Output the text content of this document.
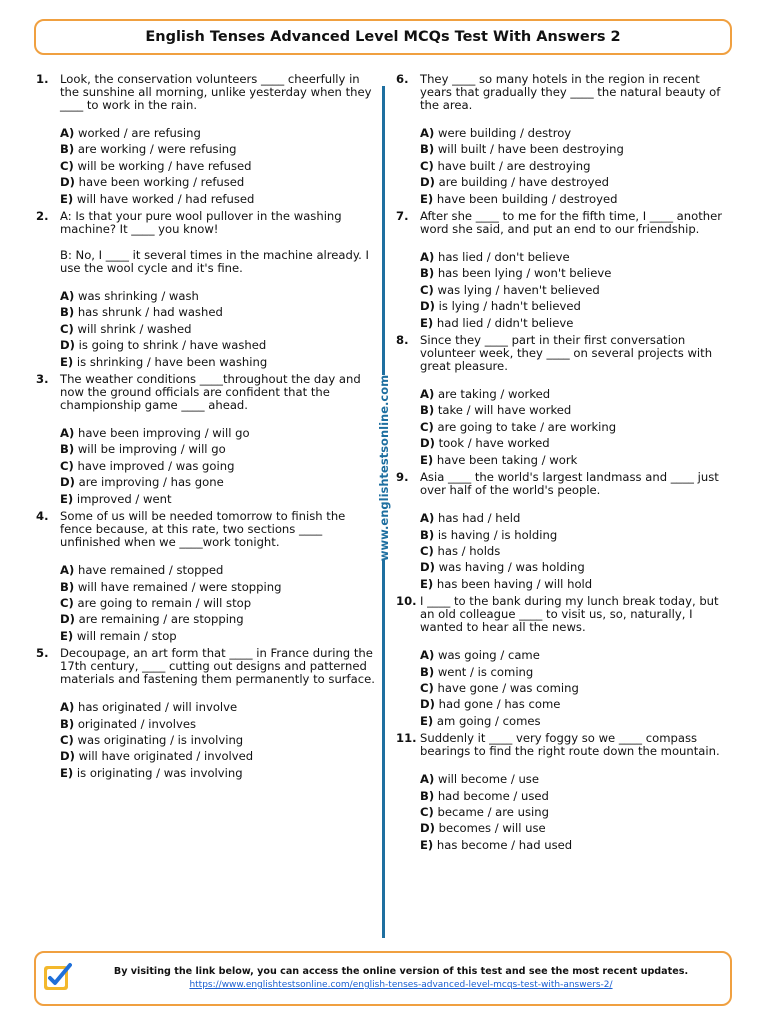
English Tenses Advanced Level MCQs Test With Answers 2
www.englishtestsonline.com
1. Look, the conservation volunteers ____ cheerfully in the sunshine all morning, unlike yesterday when they ____ to work in the rain.
A) worked / are refusing
B) are working / were refusing
C) will be working / have refused
D) have been working / refused
E) will have worked / had refused
2. A: Is that your pure wool pullover in the washing machine? It ____ you know!

B: No, I ____ it several times in the machine already. I use the wool cycle and it's fine.
A) was shrinking / wash
B) has shrunk / had washed
C) will shrink / washed
D) is going to shrink / have washed
E) is shrinking / have been washing
3. The weather conditions ____throughout the day and now the ground officials are confident that the championship game ____ ahead.
A) have been improving / will go
B) will be improving / will go
C) have improved / was going
D) are improving / has gone
E) improved / went
4. Some of us will be needed tomorrow to finish the fence because, at this rate, two sections ____ unfinished when we ____work tonight.
A) have remained / stopped
B) will have remained / were stopping
C) are going to remain / will stop
D) are remaining / are stopping
E) will remain / stop
5. Decoupage, an art form that ____ in France during the 17th century, ____ cutting out designs and patterned materials and fastening them permanently to surface.
A) has originated / will involve
B) originated / involves
C) was originating / is involving
D) will have originated / involved
E) is originating / was involving
6. They ____ so many hotels in the region in recent years that gradually they ____ the natural beauty of the area.
A) were building / destroy
B) will built / have been destroying
C) have built / are destroying
D) are building / have destroyed
E) have been building / destroyed
7. After she ____ to me for the fifth time, I ____ another word she said, and put an end to our friendship.
A) has lied / don't believe
B) has been lying / won't believe
C) was lying / haven't believed
D) is lying / hadn't believed
E) had lied / didn't believe
8. Since they ____ part in their first conversation volunteer week, they ____ on several projects with great pleasure.
A) are taking / worked
B) take / will have worked
C) are going to take / are working
D) took / have worked
E) have been taking / work
9. Asia ____ the world's largest landmass and ____ just over half of the world's people.
A) has had / held
B) is having / is holding
C) has / holds
D) was having / was holding
E) has been having / will hold
10. I ____ to the bank during my lunch break today, but an old colleague ____ to visit us, so, naturally, I wanted to hear all the news.
A) was going / came
B) went / is coming
C) have gone / was coming
D) had gone / has come
E) am going / comes
11. Suddenly it ____ very foggy so we ____ compass bearings to find the right route down the mountain.
A) will become / use
B) had become / used
C) became / are using
D) becomes / will use
E) has become / had used
By visiting the link below, you can access the online version of this test and see the most recent updates.
https://www.englishtestsonline.com/english-tenses-advanced-level-mcqs-test-with-answers-2/
